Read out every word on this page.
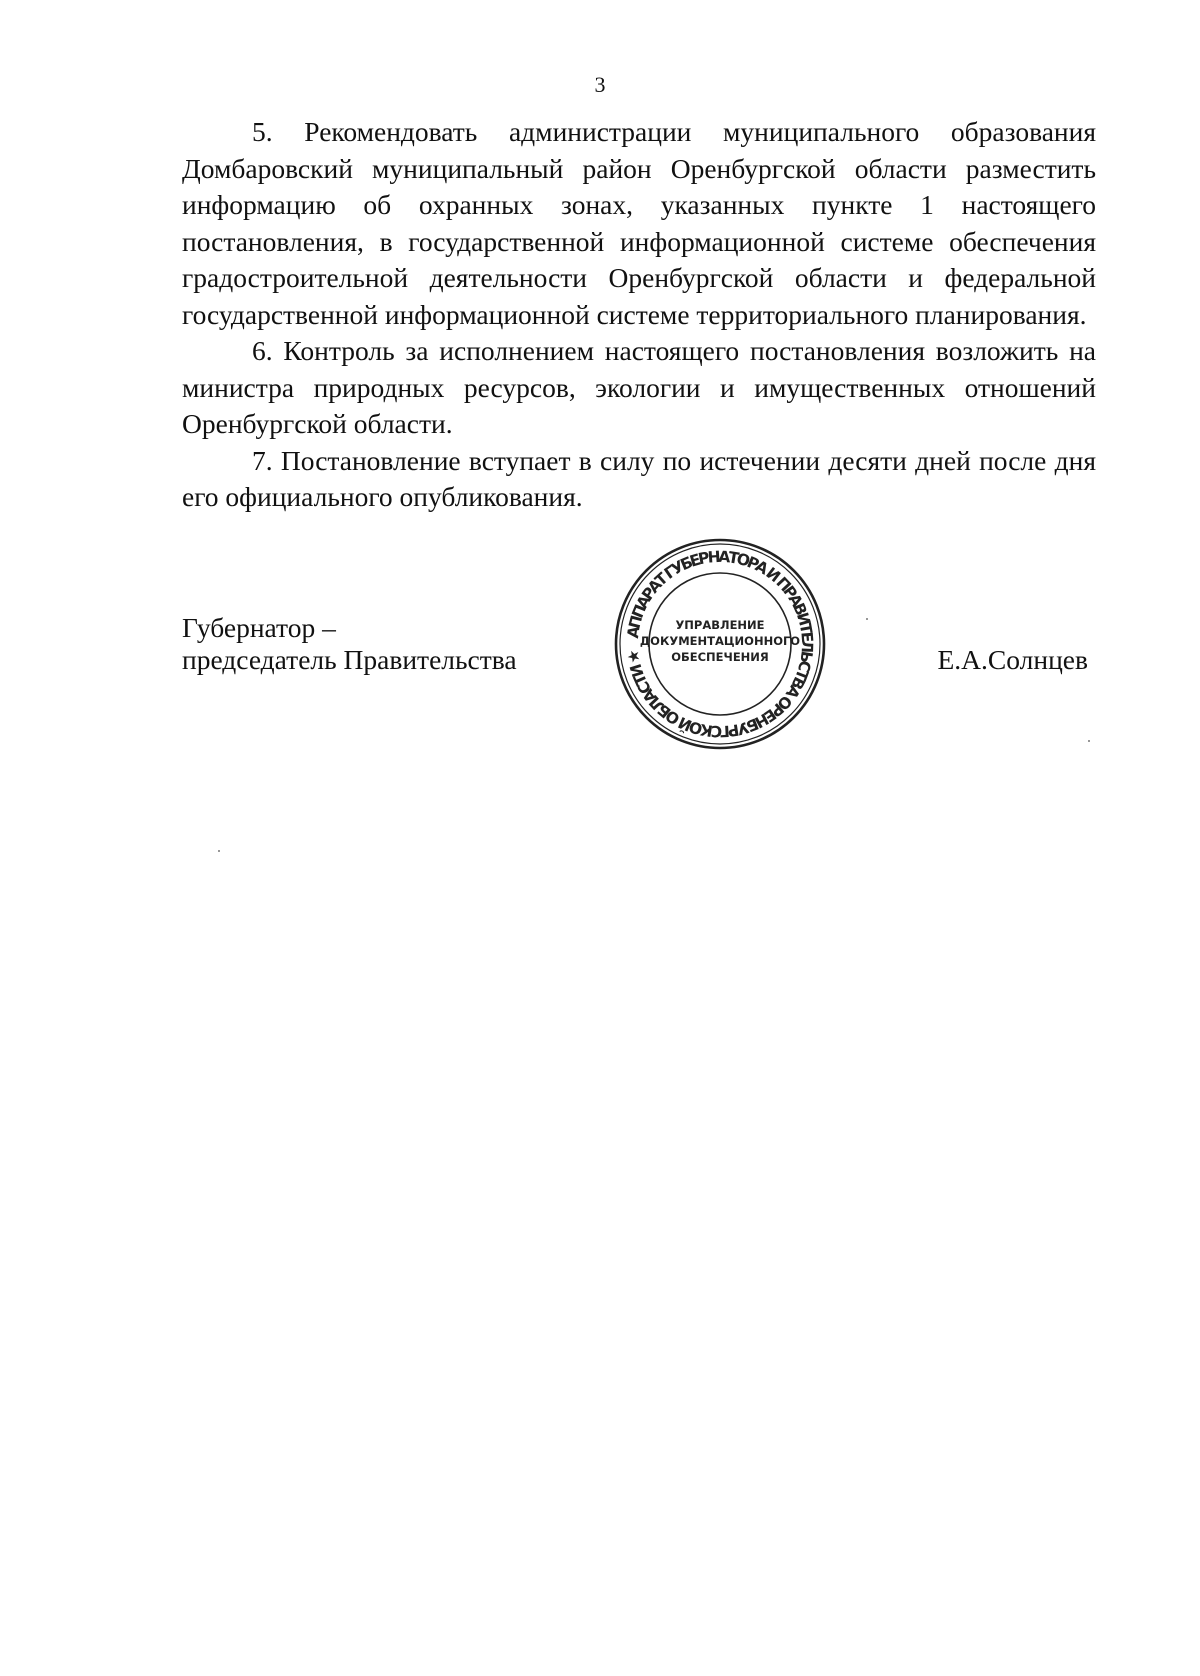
3

5. Рекомендовать администрации муниципального образования Домбаровский муниципальный район Оренбургской области разместить информацию об охранных зонах, указанных пункте 1 настоящего постановления, в государственной информационной системе обеспечения градостроительной деятельности Оренбургской области и федеральной государственной информационной системе территориального планирования.

6. Контроль за исполнением настоящего постановления возложить на министра природных ресурсов, экологии и имущественных отношений Оренбургской области.

7. Постановление вступает в силу по истечении десяти дней после дня его официального опубликования.

Губернатор –
председатель Правительства	Е.А.Солнцев
АППАРАТ ГУБЕРНАТОРА И ПРАВИТЕЛЬСТВА ОРЕНБУРГСКОЙ ОБЛАСТИ ★
УПРАВЛЕНИЕ
ДОКУМЕНТАЦИОННОГО
ОБЕСПЕЧЕНИЯ
